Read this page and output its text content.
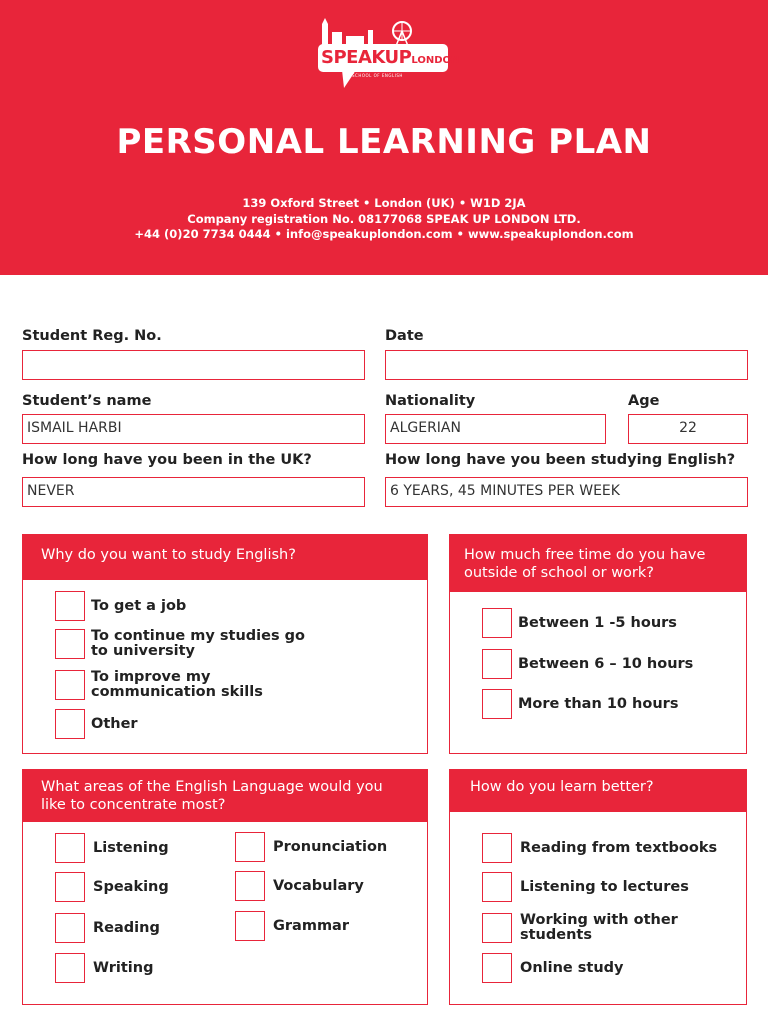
SPEAKUPLONDON
SCHOOL OF ENGLISH
PERSONAL LEARNING PLAN
139 Oxford Street • London (UK) • W1D 2JA
Company registration No. 08177068 SPEAK UP LONDON LTD.
+44 (0)20 7734 0444 • info@speakuplondon.com • www.speakuplondon.com
Student Reg. No.	Date
Student’s name
ISMAIL HARBI
Nationality
ALGERIAN
Age
22
How long have you been in the UK?
NEVER
How long have you been studying English?
6 YEARS, 45 MINUTES PER WEEK
Why do you want to study English?
To get a job
To continue my studies go to university
To improve my communication skills
Other
How much free time do you have outside of school or work?
Between 1 -5 hours
Between 6 – 10 hours
More than 10 hours
What areas of the English Language would you like to concentrate most?
Listening
Speaking
Reading
Writing
Pronunciation
Vocabulary
Grammar
How do you learn better?
Reading from textbooks
Listening to lectures
Working with other students
Online study
